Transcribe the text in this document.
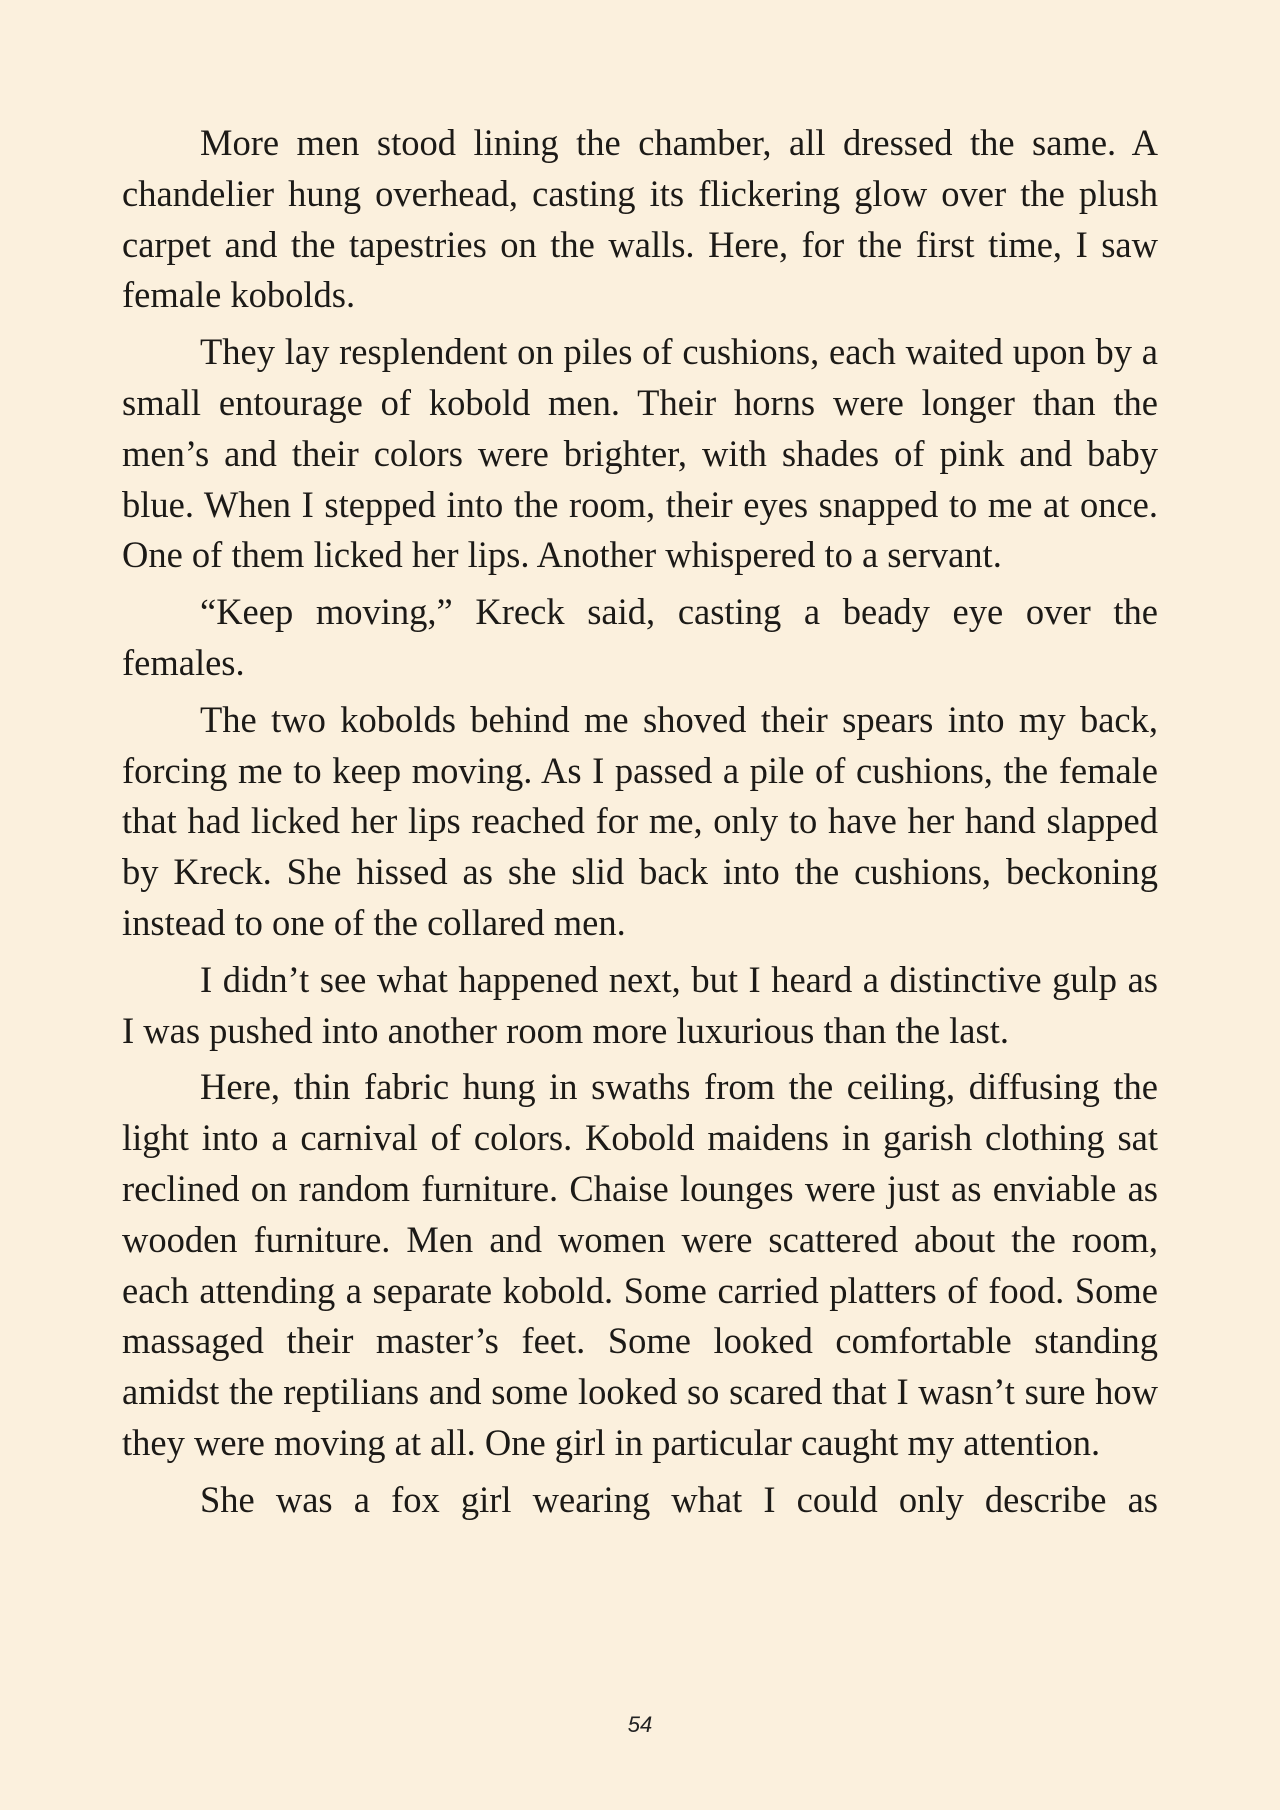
More men stood lining the chamber, all dressed the same. A chandelier hung overhead, casting its flickering glow over the plush carpet and the tapestries on the walls. Here, for the first time, I saw female kobolds.

They lay resplendent on piles of cushions, each waited upon by a small entourage of kobold men. Their horns were longer than the men’s and their colors were brighter, with shades of pink and baby blue. When I stepped into the room, their eyes snapped to me at once. One of them licked her lips. Another whispered to a servant.

“Keep moving,” Kreck said, casting a beady eye over the females.

The two kobolds behind me shoved their spears into my back, forcing me to keep moving. As I passed a pile of cushions, the female that had licked her lips reached for me, only to have her hand slapped by Kreck. She hissed as she slid back into the cushions, beckoning instead to one of the collared men.

I didn’t see what happened next, but I heard a distinctive gulp as I was pushed into another room more luxurious than the last.

Here, thin fabric hung in swaths from the ceiling, diffusing the light into a carnival of colors. Kobold maidens in garish clothing sat reclined on random furniture. Chaise lounges were just as enviable as wooden furniture. Men and women were scattered about the room, each attending a separate kobold. Some carried platters of food. Some massaged their master’s feet. Some looked comfortable standing amidst the reptilians and some looked so scared that I wasn’t sure how they were moving at all. One girl in particular caught my attention.

She was a fox girl wearing what I could only describe as

54
